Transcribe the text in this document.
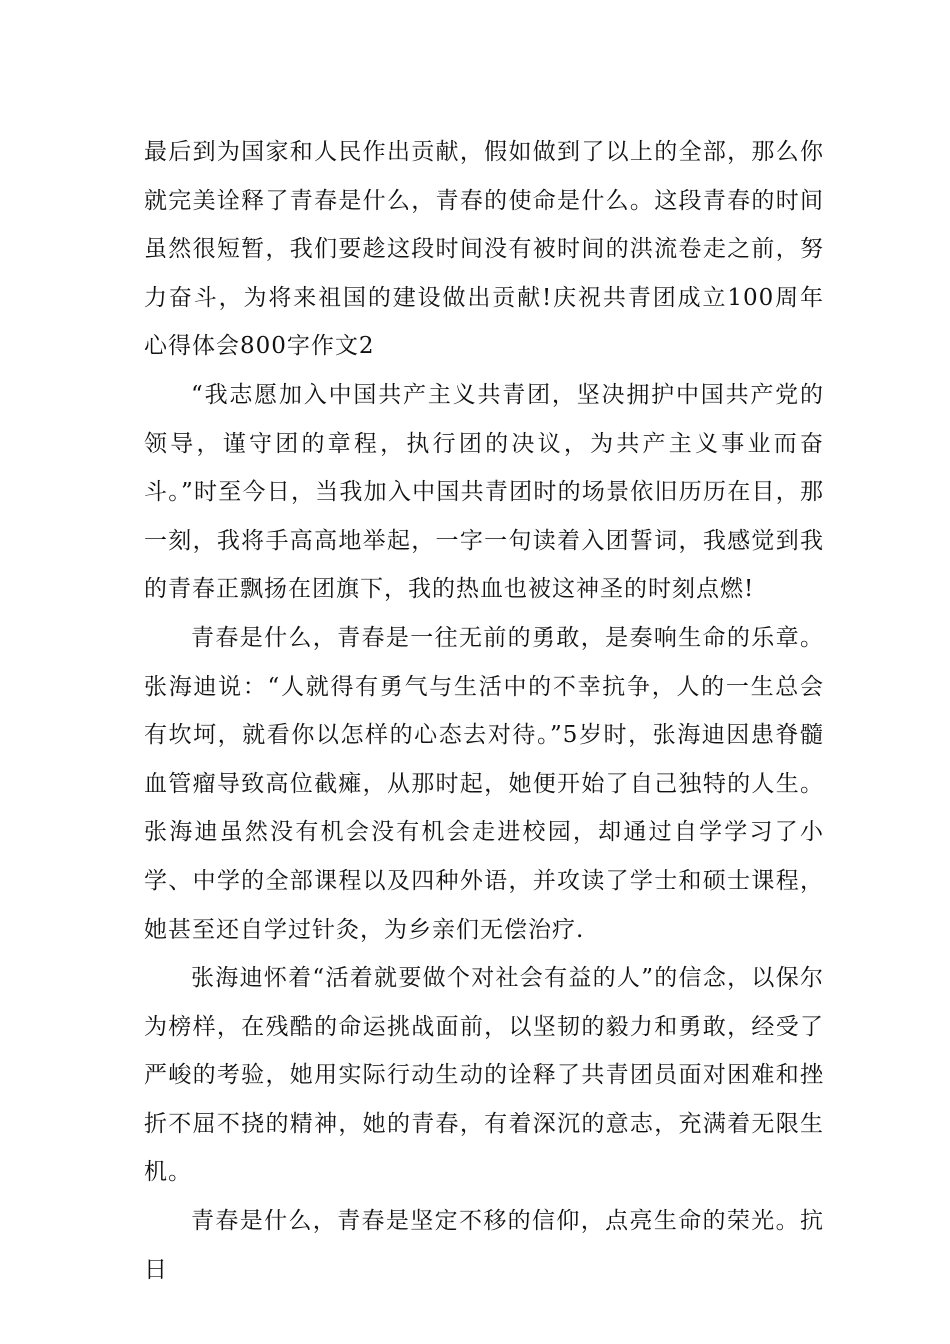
最后到为国家和人民作出贡献，假如做到了以上的全部，那么你就完美诠释了青春是什么，青春的使命是什么。这段青春的时间虽然很短暂，我们要趁这段时间没有被时间的洪流卷走之前，努力奋斗，为将来祖国的建设做出贡献!庆祝共青团成立100周年心得体会800字作文2

“我志愿加入中国共产主义共青团，坚决拥护中国共产党的领导，谨守团的章程，执行团的决议，为共产主义事业而奋斗。”时至今日，当我加入中国共青团时的场景依旧历历在目，那一刻，我将手高高地举起，一字一句读着入团誓词，我感觉到我的青春正飘扬在团旗下，我的热血也被这神圣的时刻点燃!

青春是什么，青春是一往无前的勇敢，是奏响生命的乐章。张海迪说：“人就得有勇气与生活中的不幸抗争，人的一生总会有坎坷，就看你以怎样的心态去对待。”5岁时，张海迪因患脊髓血管瘤导致高位截瘫，从那时起，她便开始了自己独特的人生。张海迪虽然没有机会没有机会走进校园，却通过自学学习了小学、中学的全部课程以及四种外语，并攻读了学士和硕士课程，她甚至还自学过针灸，为乡亲们无偿治疗.

张海迪怀着“活着就要做个对社会有益的人”的信念，以保尔为榜样，在残酷的命运挑战面前，以坚韧的毅力和勇敢，经受了严峻的考验，她用实际行动生动的诠释了共青团员面对困难和挫折不屈不挠的精神，她的青春，有着深沉的意志，充满着无限生机。

青春是什么，青春是坚定不移的信仰，点亮生命的荣光。抗日
